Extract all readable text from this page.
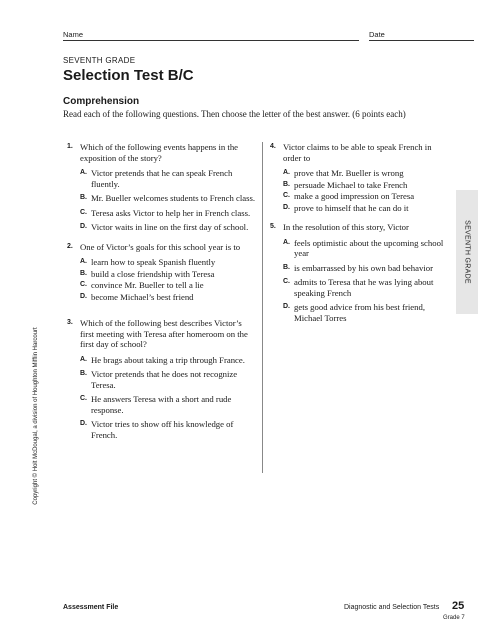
Name	Date
SEVENTH GRADE
Selection Test B/C
Comprehension
Read each of the following questions. Then choose the letter of the best answer. (6 points each)
1. Which of the following events happens in the exposition of the story?
A. Victor pretends that he can speak French fluently.
B. Mr. Bueller welcomes students to French class.
C. Teresa asks Victor to help her in French class.
D. Victor waits in line on the first day of school.
2. One of Victor’s goals for this school year is to
A. learn how to speak Spanish fluently
B. build a close friendship with Teresa
C. convince Mr. Bueller to tell a lie
D. become Michael’s best friend
3. Which of the following best describes Victor’s first meeting with Teresa after homeroom on the first day of school?
A. He brags about taking a trip through France.
B. Victor pretends that he does not recognize Teresa.
C. He answers Teresa with a short and rude response.
D. Victor tries to show off his knowledge of French.
4. Victor claims to be able to speak French in order to
A. prove that Mr. Bueller is wrong
B. persuade Michael to take French
C. make a good impression on Teresa
D. prove to himself that he can do it
5. In the resolution of this story, Victor
A. feels optimistic about the upcoming school year
B. is embarrassed by his own bad behavior
C. admits to Teresa that he was lying about speaking French
D. gets good advice from his best friend, Michael Torres
SEVENTH GRADE
Copyright © Holt McDougal, a division of Houghton Mifflin Harcourt
Assessment File	Diagnostic and Selection Tests 25
Grade 7
